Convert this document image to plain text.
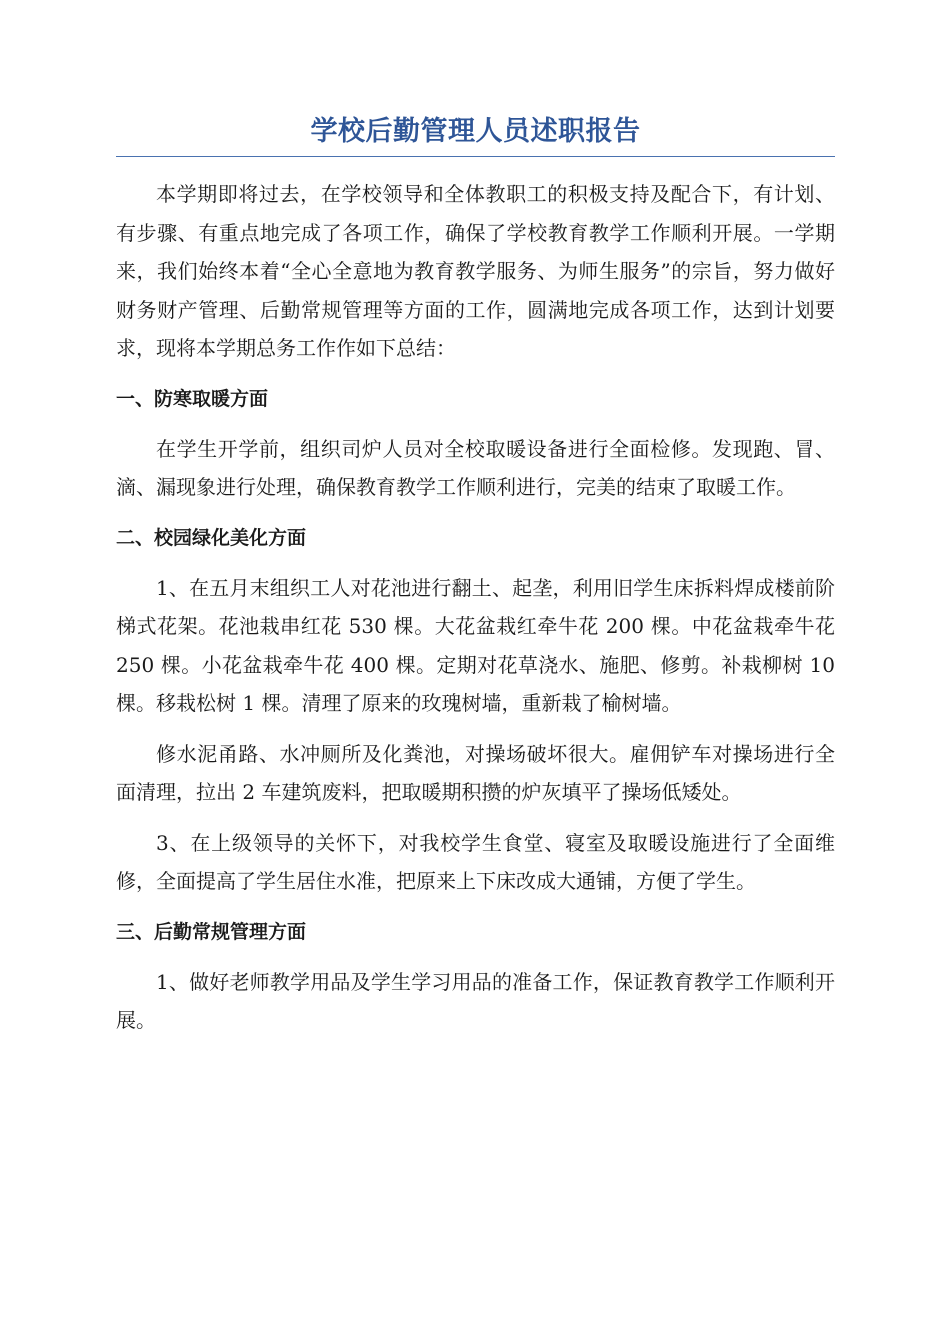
学校后勤管理人员述职报告

本学期即将过去，在学校领导和全体教职工的积极支持及配合下，有计划、有步骤、有重点地完成了各项工作，确保了学校教育教学工作顺利开展。一学期来，我们始终本着“全心全意地为教育教学服务、为师生服务”的宗旨，努力做好财务财产管理、后勤常规管理等方面的工作，圆满地完成各项工作，达到计划要求，现将本学期总务工作作如下总结：

一、防寒取暖方面

在学生开学前，组织司炉人员对全校取暖设备进行全面检修。发现跑、冒、滴、漏现象进行处理，确保教育教学工作顺利进行，完美的结束了取暖工作。

二、校园绿化美化方面

1、在五月末组织工人对花池进行翻土、起垄，利用旧学生床拆料焊成楼前阶梯式花架。花池栽串红花 530 棵。大花盆栽红牵牛花 200 棵。中花盆栽牵牛花 250 棵。小花盆栽牵牛花 400 棵。定期对花草浇水、施肥、修剪。补栽柳树 10 棵。移栽松树 1 棵。清理了原来的玫瑰树墙，重新栽了榆树墙。

修水泥甬路、水冲厕所及化粪池，对操场破坏很大。雇佣铲车对操场进行全面清理，拉出 2 车建筑废料，把取暖期积攒的炉灰填平了操场低矮处。

3、在上级领导的关怀下，对我校学生食堂、寝室及取暖设施进行了全面维修，全面提高了学生居住水准，把原来上下床改成大通铺，方便了学生。

三、后勤常规管理方面

1、做好老师教学用品及学生学习用品的准备工作，保证教育教学工作顺利开展。
